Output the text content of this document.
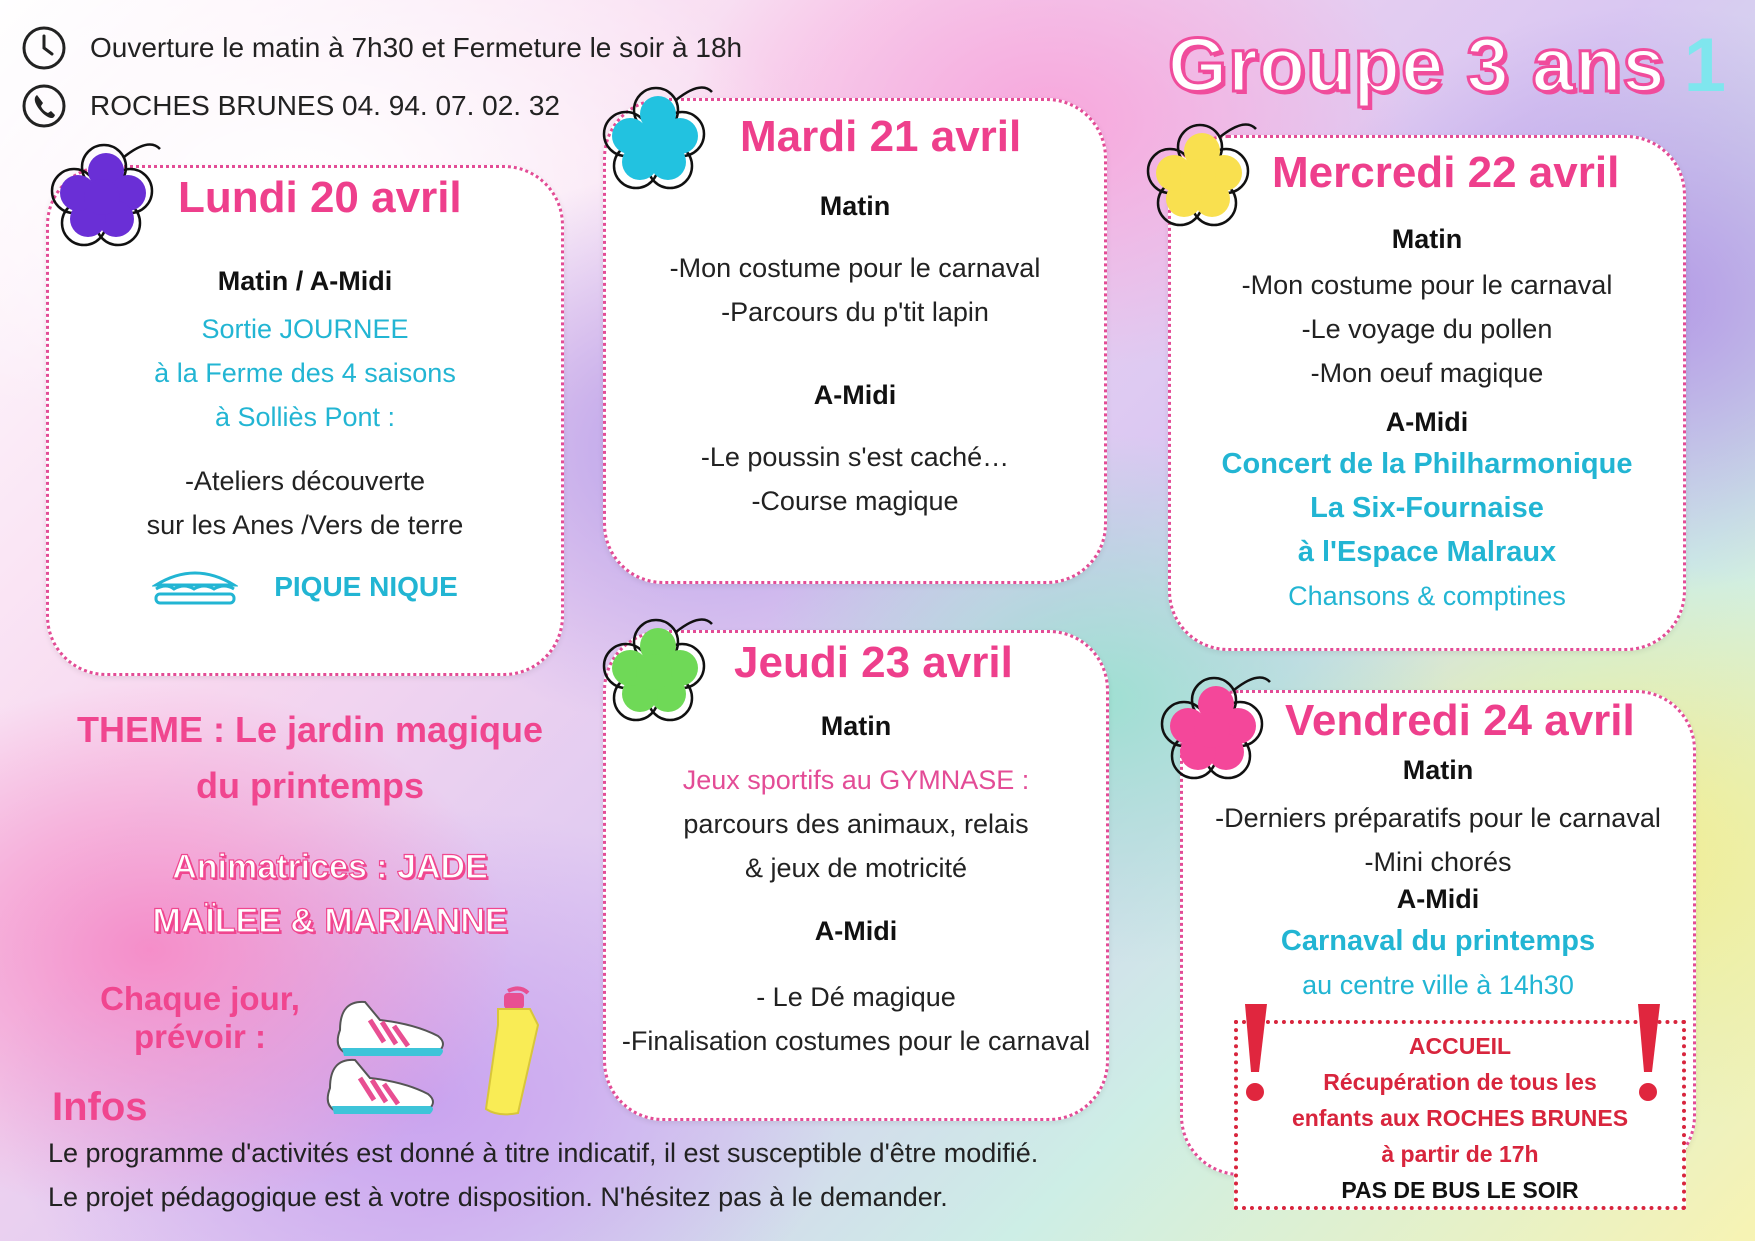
Ouverture le matin à 7h30 et Fermeture le soir à 18h
ROCHES BRUNES 04. 94. 07. 02. 32	Groupe 3 ans 1

Matin / A-Midi

Sortie JOURNEE

à la Ferme des 4 saisons

à Solliès Pont :

-Ateliers découverte

sur les Anes /Vers de terre

PIQUE NIQUE
Lundi 20 avril	Matin

-Mon costume pour le carnaval

-Parcours du p'tit lapin

A-Midi

-Le poussin s'est caché…

-Course magique

Mardi 21 avril

Matin

-Mon costume pour le carnaval

-Le voyage du pollen

-Mon oeuf magique

A-Midi

Concert de la Philharmonique

La Six-Fournaise

à l'Espace Malraux

Chansons & comptines

Mercredi 22 avril

Matin

Jeux sportifs au GYMNASE :

parcours des animaux, relais

& jeux de motricité

A-Midi

- Le Dé magique

-Finalisation costumes pour le carnaval

Jeudi 23 avril

Matin

-Derniers préparatifs pour le carnaval

-Mini chorés

A-Midi

Carnaval du printemps

au centre ville à 14h30

Vendredi 24 avril

ACCUEIL

Récupération de tous les

enfants aux ROCHES BRUNES

à partir de 17h

PAS DE BUS LE SOIR

THEME : Le jardin magique
du printemps
Animatrices : JADE
MAÏLEE & MARIANNE
Chaque jour,
prévoir :
Infos
Le programme d'activités est donné à titre indicatif, il est susceptible d'être modifié.
Le projet pédagogique est à votre disposition. N'hésitez pas à le demander.
